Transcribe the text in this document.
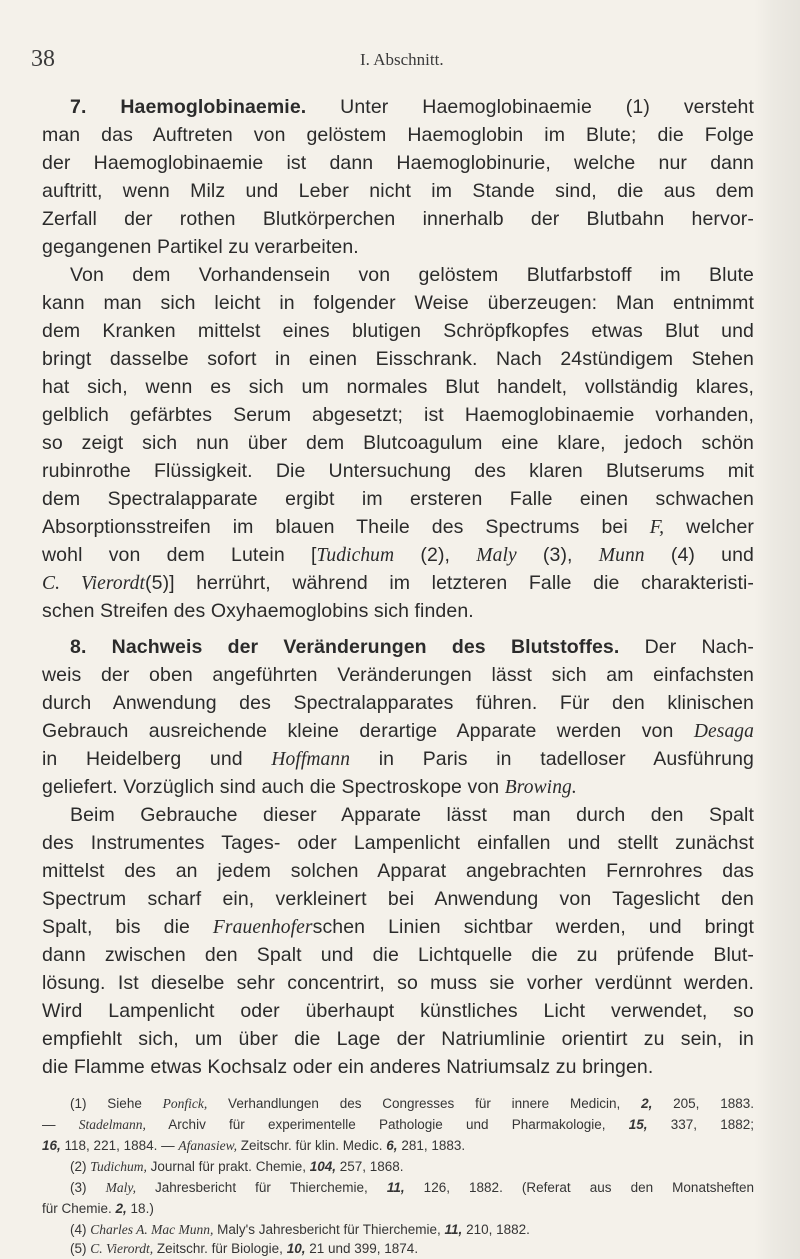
38	I. Abschnitt.
7. Haemoglobinaemie. Unter Haemoglobinaemie (1) versteht
man das Auftreten von gelöstem Haemoglobin im Blute; die Folge
der Haemoglobinaemie ist dann Haemoglobinurie, welche nur dann
auftritt, wenn Milz und Leber nicht im Stande sind, die aus dem
Zerfall der rothen Blutkörperchen innerhalb der Blutbahn hervor-
gegangenen Partikel zu verarbeiten.
Von dem Vorhandensein von gelöstem Blutfarbstoff im Blute
kann man sich leicht in folgender Weise überzeugen: Man entnimmt
dem Kranken mittelst eines blutigen Schröpfkopfes etwas Blut und
bringt dasselbe sofort in einen Eisschrank. Nach 24stündigem Stehen
hat sich, wenn es sich um normales Blut handelt, vollständig klares,
gelblich gefärbtes Serum abgesetzt; ist Haemoglobinaemie vorhanden,
so zeigt sich nun über dem Blutcoagulum eine klare, jedoch schön
rubinrothe Flüssigkeit. Die Untersuchung des klaren Blutserums mit
dem Spectralapparate ergibt im ersteren Falle einen schwachen
Absorptionsstreifen im blauen Theile des Spectrums bei F, welcher
wohl von dem Lutein [Tudichum (2), Maly (3), Munn (4) und
C. Vierordt(5)] herrührt, während im letzteren Falle die charakteristi-
schen Streifen des Oxyhaemoglobins sich finden.
8. Nachweis der Veränderungen des Blutstoffes. Der Nach-
weis der oben angeführten Veränderungen lässt sich am einfachsten
durch Anwendung des Spectralapparates führen. Für den klinischen
Gebrauch ausreichende kleine derartige Apparate werden von Desaga
in Heidelberg und Hoffmann in Paris in tadelloser Ausführung
geliefert. Vorzüglich sind auch die Spectroskope von Browing.
Beim Gebrauche dieser Apparate lässt man durch den Spalt
des Instrumentes Tages- oder Lampenlicht einfallen und stellt zunächst
mittelst des an jedem solchen Apparat angebrachten Fernrohres das
Spectrum scharf ein, verkleinert bei Anwendung von Tageslicht den
Spalt, bis die Frauenhoferschen Linien sichtbar werden, und bringt
dann zwischen den Spalt und die Lichtquelle die zu prüfende Blut-
lösung. Ist dieselbe sehr concentrirt, so muss sie vorher verdünnt werden.
Wird Lampenlicht oder überhaupt künstliches Licht verwendet, so
empfiehlt sich, um über die Lage der Natriumlinie orientirt zu sein, in
die Flamme etwas Kochsalz oder ein anderes Natriumsalz zu bringen.
(1) Siehe Ponfick, Verhandlungen des Congresses für innere Medicin, 2, 205, 1883.
— Stadelmann, Archiv für experimentelle Pathologie und Pharmakologie, 15, 337, 1882;
16, 118, 221, 1884. — Afanasiew, Zeitschr. für klin. Medic. 6, 281, 1883.
(2) Tudichum, Journal für prakt. Chemie, 104, 257, 1868.
(3) Maly, Jahresbericht für Thierchemie, 11, 126, 1882. (Referat aus den Monatsheften
für Chemie. 2, 18.)
(4) Charles A. Mac Munn, Maly's Jahresbericht für Thierchemie, 11, 210, 1882.
(5) C. Vierordt, Zeitschr. für Biologie, 10, 21 und 399, 1874.
